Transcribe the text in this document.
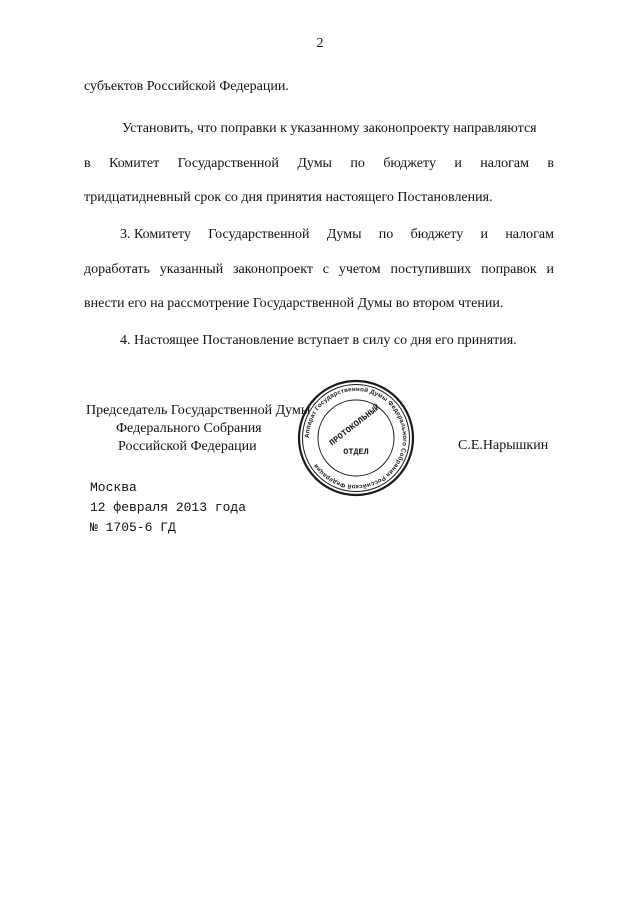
2
субъектов Российской Федерации.
Установить, что поправки к указанному законопроекту направляются
в Комитет Государственной Думы по бюджету и налогам в
тридцатидневный срок со дня принятия настоящего Постановления.
3. Комитету Государственной Думы по бюджету и налогам
доработать указанный законопроект с учетом поступивших поправок и
внести его на рассмотрение Государственной Думы во втором чтении.
4. Настоящее Постановление вступает в силу со дня его принятия.
Председатель Государственной Думы
Федерального Собрания
Российской Федерации	С.Е.Нарышкин
Аппарат Государственной Думы Федерального Собрания Российской Федерации
ПРОТОКОЛЬНЫЙ
ОТДЕЛ
Москва
12 февраля 2013 года
№ 1705-6 ГД
